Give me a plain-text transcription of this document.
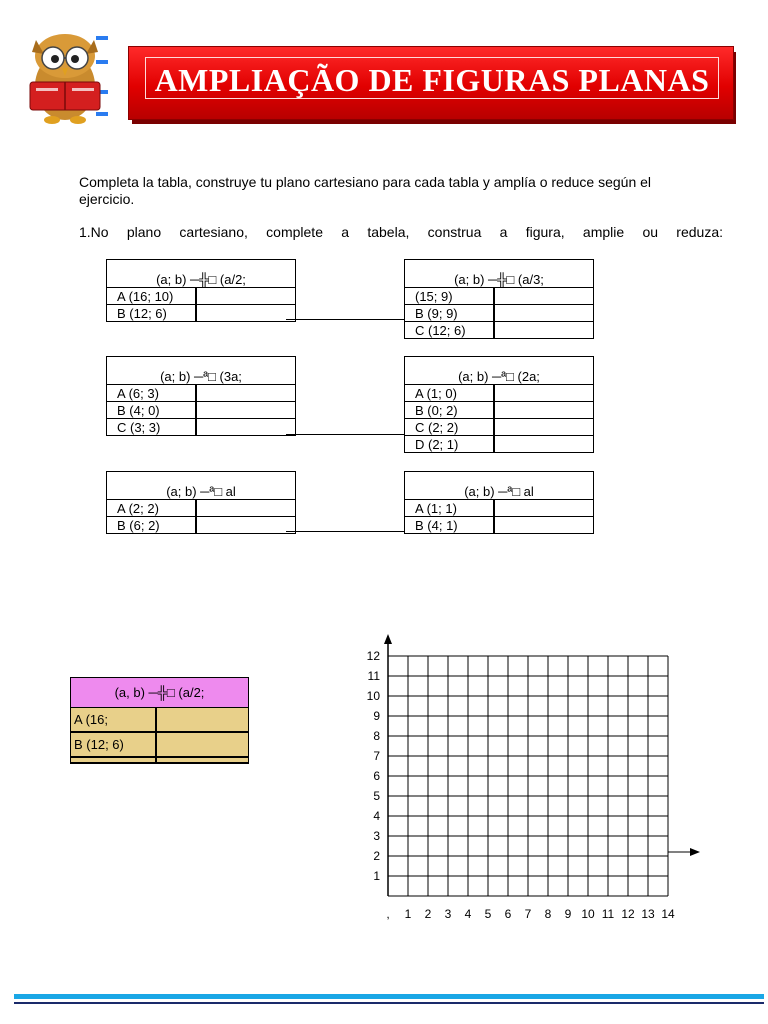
AMPLIAÇÃO DE FIGURAS PLANAS
Completa la tabla, construye tu plano cartesiano para cada tabla y amplía o reduce según el ejercicio.
1.No plano cartesiano, complete a tabela, construa a figura, amplie ou reduza:
(a; b) ─╬□ (a/2;	
A (16; 10)	
B (12; 6)	
(a; b) ─╬□ (a/3;	
(15; 9)	
B (9; 9)	
C (12; 6)	
(a; b) ─ª□ (3a;	
A (6; 3)	
B (4; 0)	
C (3; 3)	
(a; b) ─ª□ (2a;	
A (1; 0)	
B (0; 2)	
C (2; 2)	
D (2; 1)	
(a; b) ─ª□ al	
A (2; 2)	
B (6; 2)	
(a; b) ─ª□ al	
A (1; 1)	
B (4; 1)	
(a, b) ─╬□ (a/2;	
A (16;	
B (12; 6)	

1
2
3
4
5
6
7
8
9
10
11
12
, 1 2 3 4 5 6 7 8 9 10 11 12 13 14
